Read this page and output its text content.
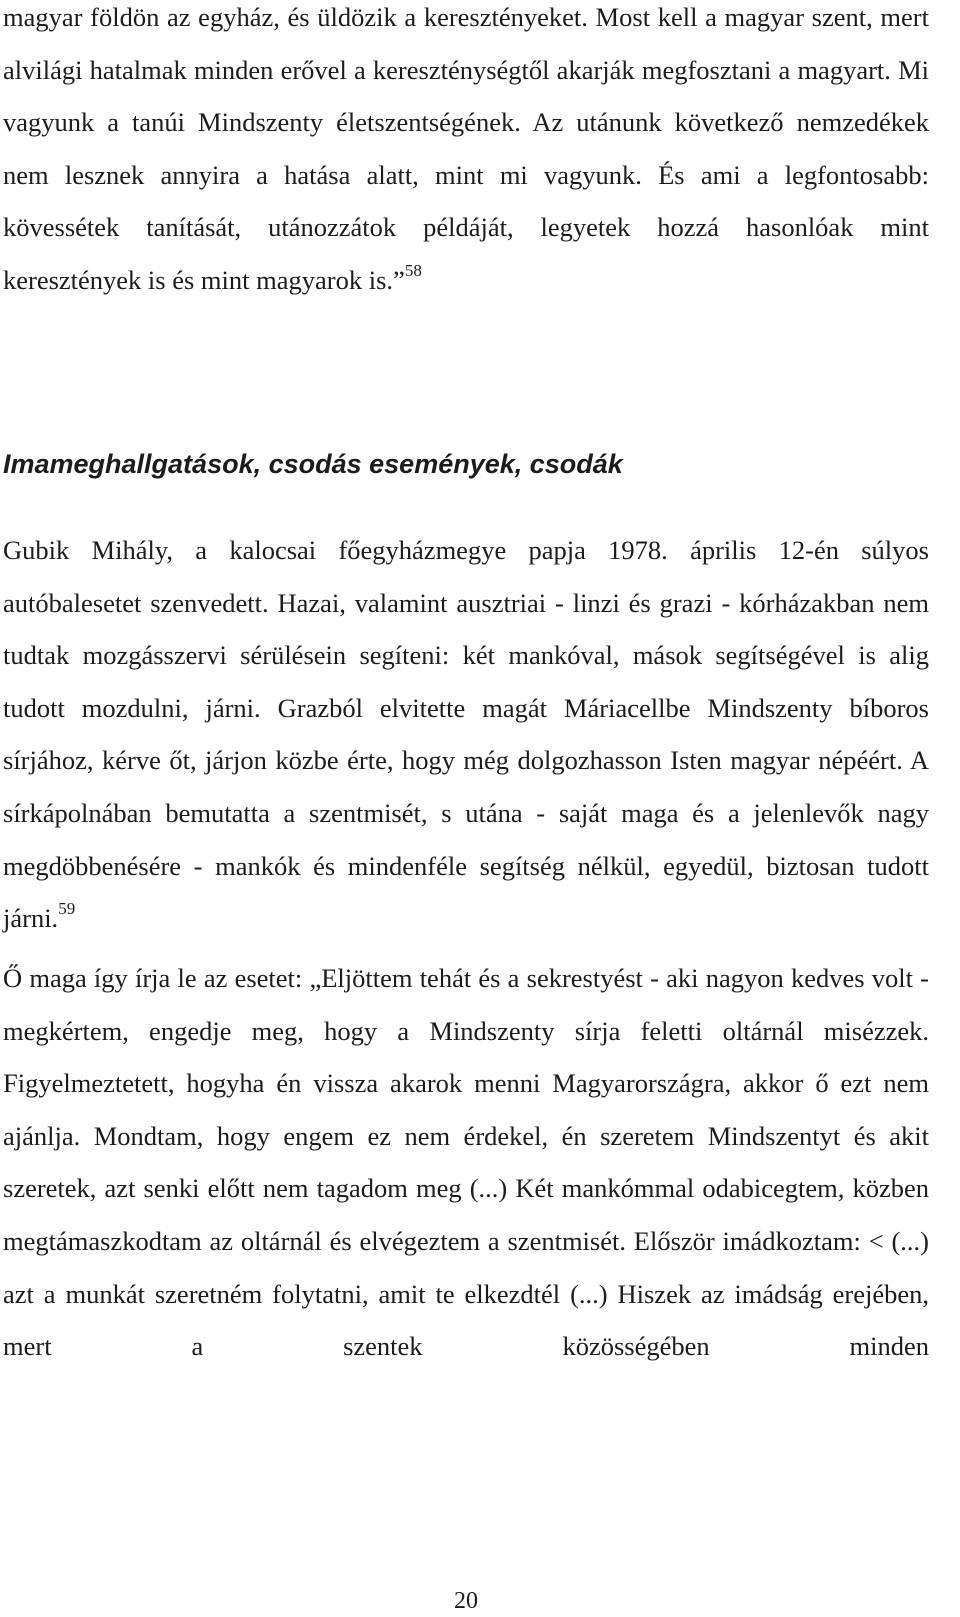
magyar földön az egyház, és üldözik a keresztényeket. Most kell a magyar szent, mert alvilági hatalmak minden erővel a kereszténységtől akarják megfosztani a magyart. Mi vagyunk a tanúi Mindszenty életszentségének. Az utánunk következő nemzedékek nem lesznek annyira a hatása alatt, mint mi vagyunk. És ami a legfontosabb: kövessétek tanítását, utánozzátok példáját, legyetek hozzá hasonlóak mint keresztények is és mint magyarok is.”$^{58}$

Imameghallgatások, csodás események, csodák

Gubik Mihály, a kalocsai főegyházmegye papja 1978. április 12-én súlyos autóbalesetet szenvedett. Hazai, valamint ausztriai - linzi és grazi - kórházakban nem tudtak mozgásszervi sérülésein segíteni: két mankóval, mások segítségével is alig tudott mozdulni, járni. Grazból elvitette magát Máriacellbe Mindszenty bíboros sírjához, kérve őt, járjon közbe érte, hogy még dolgozhasson Isten magyar népéért. A sírkápolnában bemutatta a szentmisét, s utána - saját maga és a jelenlevők nagy megdöbbenésére - mankók és mindenféle segítség nélkül, egyedül, biztosan tudott járni.$^{59}$

Ő maga így írja le az esetet: „Eljöttem tehát és a sekrestyést - aki nagyon kedves volt - megkértem, engedje meg, hogy a Mindszenty sírja feletti oltárnál misézzek. Figyelmeztetett, hogyha én vissza akarok menni Magyarországra, akkor ő ezt nem ajánlja. Mondtam, hogy engem ez nem érdekel, én szeretem Mindszentyt és akit szeretek, azt senki előtt nem tagadom meg (...) Két mankómmal odabicegtem, közben megtámaszkodtam az oltárnál és elvégeztem a szentmisét. Először imádkoztam: < (...) azt a munkát szeretném folytatni, amit te elkezdtél (...) Hiszek az imádság erejében, mert a szentek közösségében minden

20
